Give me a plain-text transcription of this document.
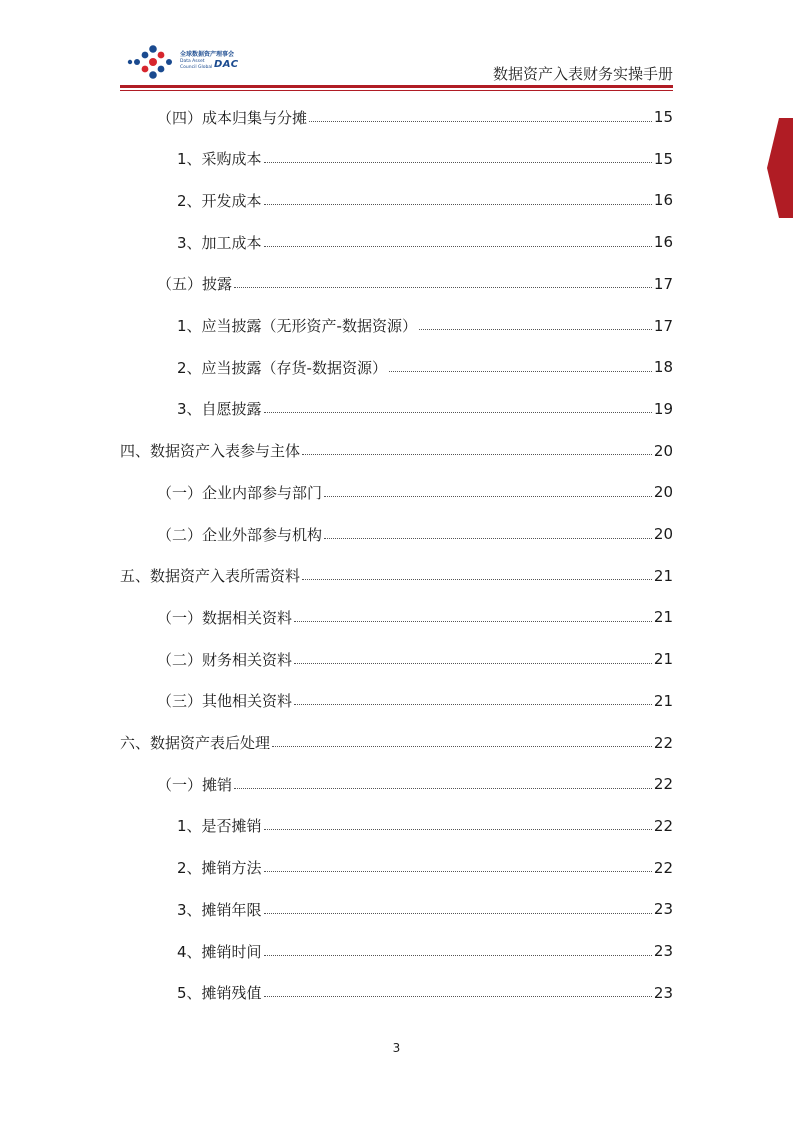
全球数据资产理事会
Data Asset
Council Global DAC
数据资产入表财务实操手册
（四）成本归集与分摊	15
1、采购成本	15
2、开发成本	16
3、加工成本	16
（五）披露	17
1、应当披露（无形资产-数据资源）	17
2、应当披露（存货-数据资源）	18
3、自愿披露	19
四、数据资产入表参与主体	20
（一）企业内部参与部门	20
（二）企业外部参与机构	20
五、数据资产入表所需资料	21
（一）数据相关资料	21
（二）财务相关资料	21
（三）其他相关资料	21
六、数据资产表后处理	22
（一）摊销	22
1、是否摊销	22
2、摊销方法	22
3、摊销年限	23
4、摊销时间	23
5、摊销残值	23
3
